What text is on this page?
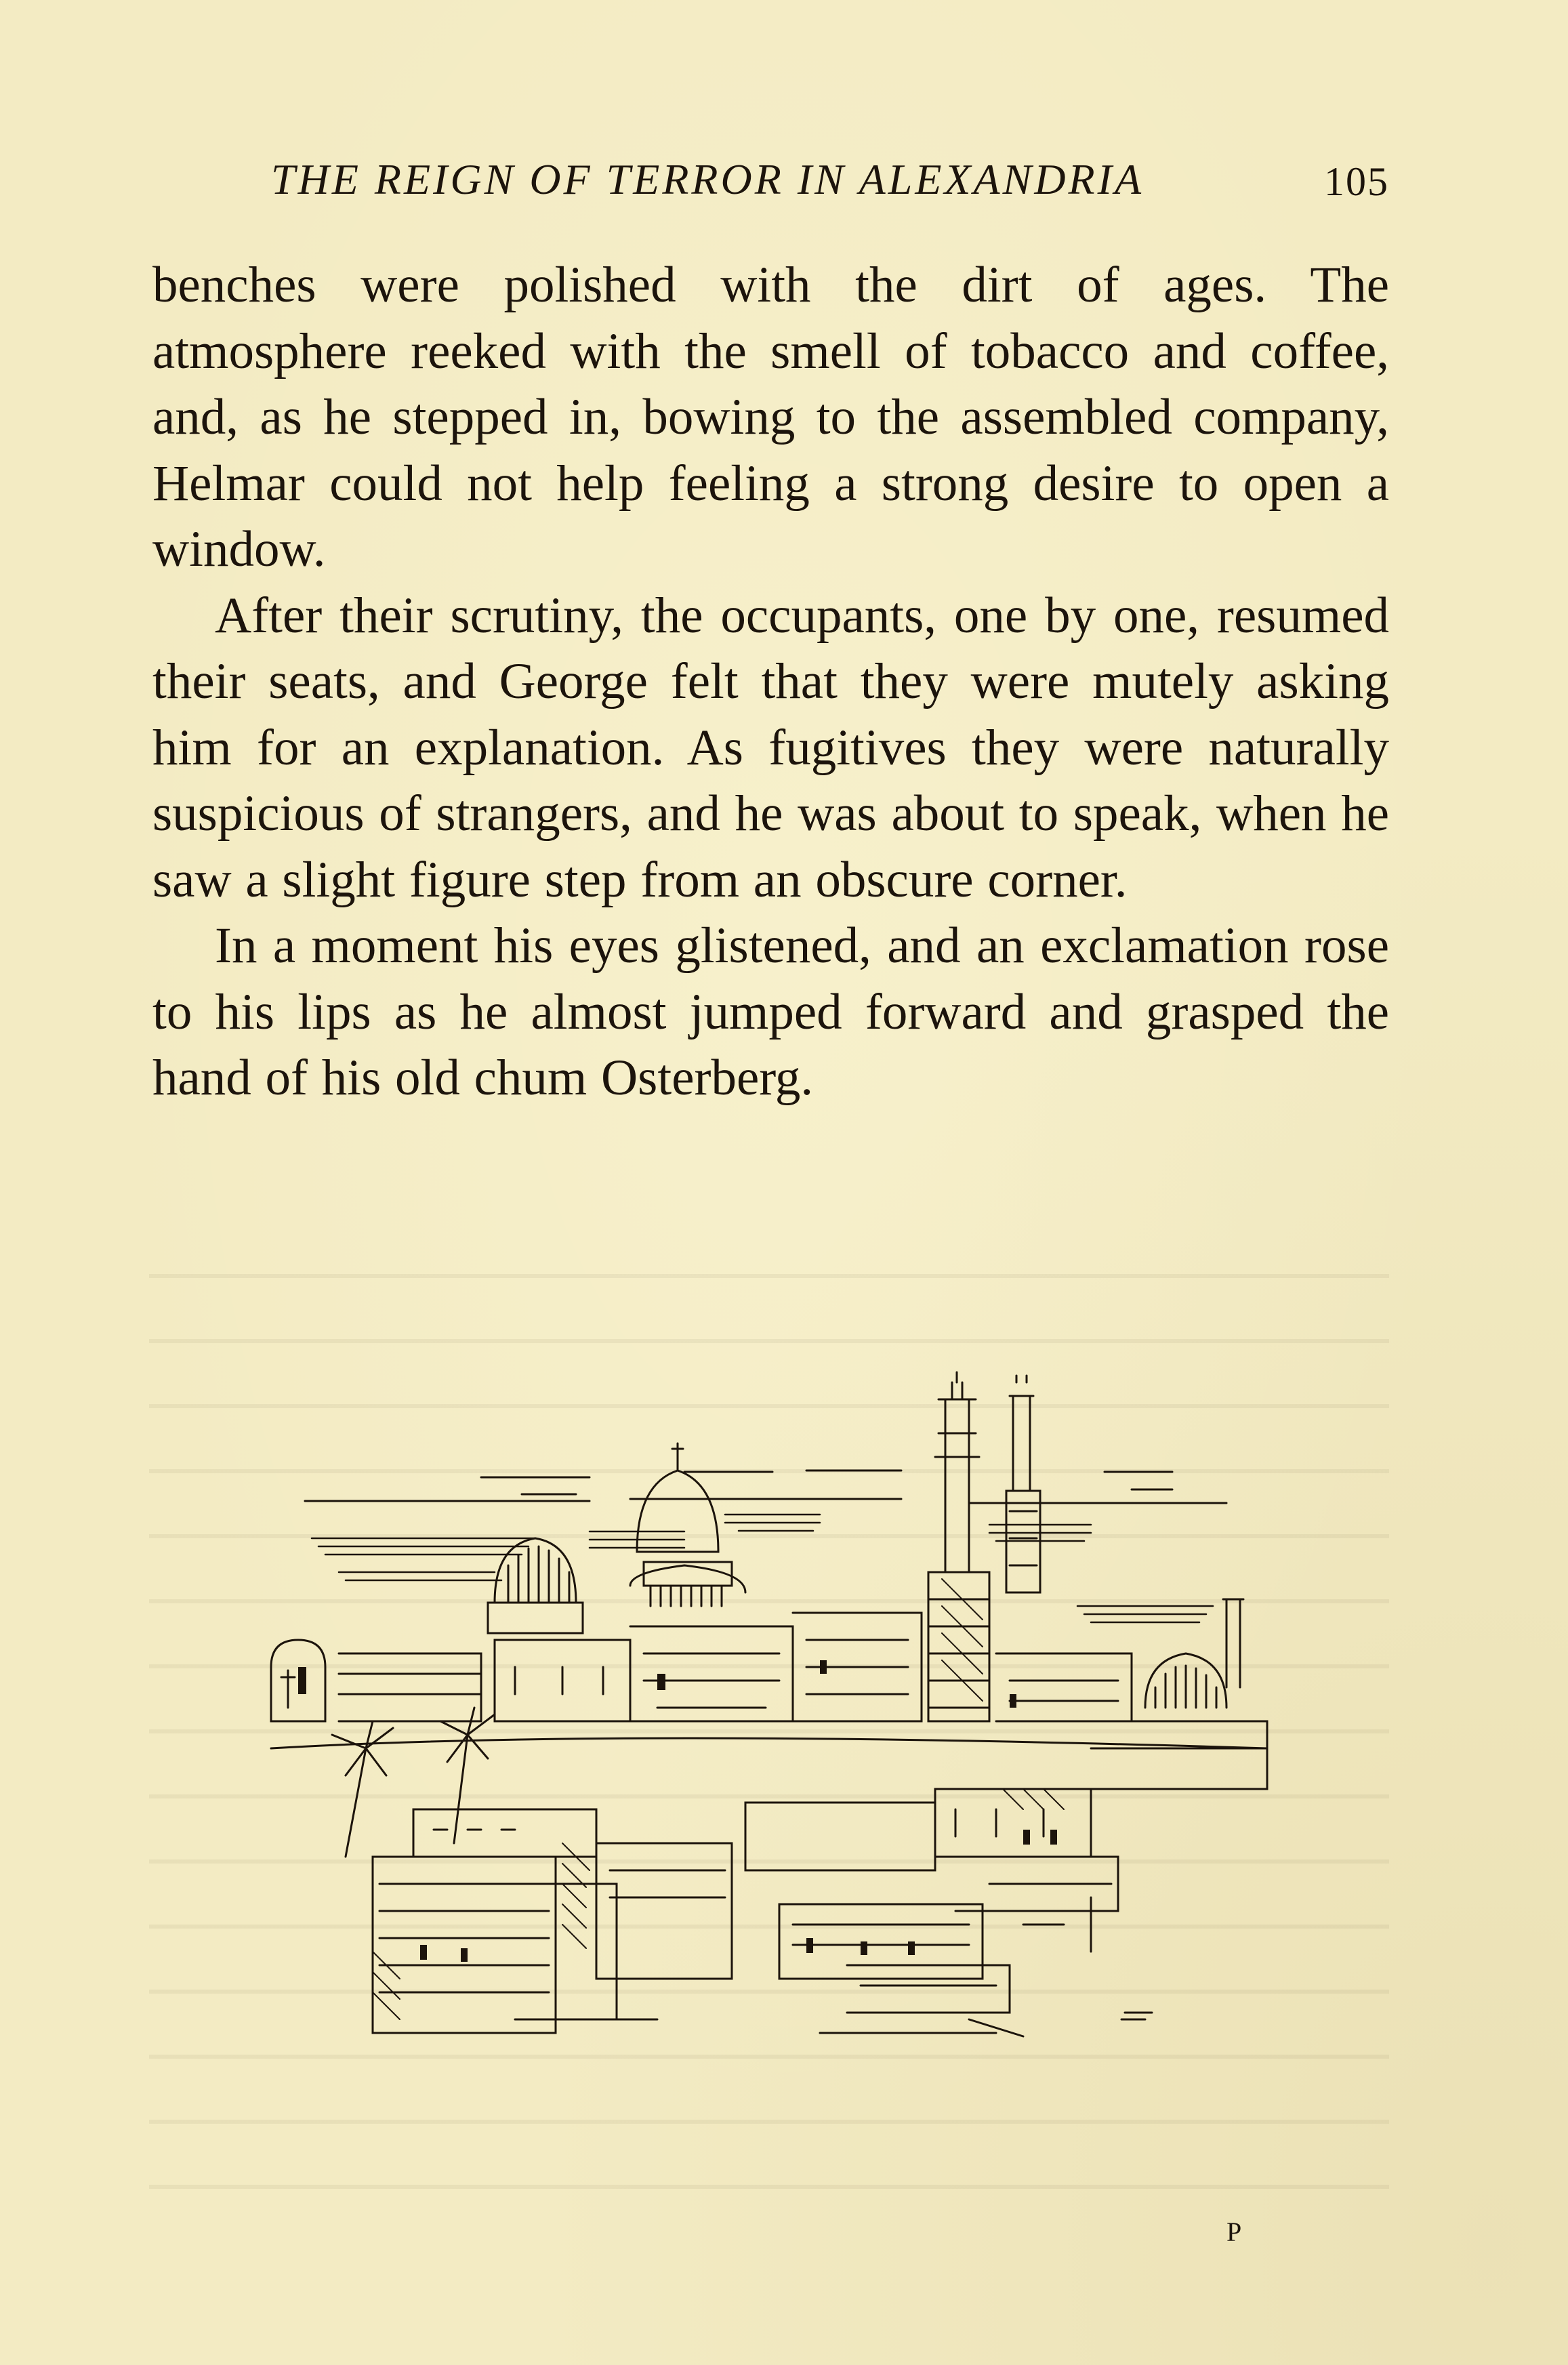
THE REIGN OF TERROR IN ALEXANDRIA	105

benches were polished with the dirt of ages. The atmosphere reeked with the smell of tobacco and coffee, and, as he stepped in, bowing to the assembled company, Helmar could not help feeling a strong desire to open a window.

After their scrutiny, the occupants, one by one, resumed their seats, and George felt that they were mutely asking him for an explanation. As fugitives they were naturally suspicious of strangers, and he was about to speak, when he saw a slight figure step from an obscure corner.

In a moment his eyes glistened, and an exclamation rose to his lips as he almost jumped forward and grasped the hand of his old chum Osterberg.

P
